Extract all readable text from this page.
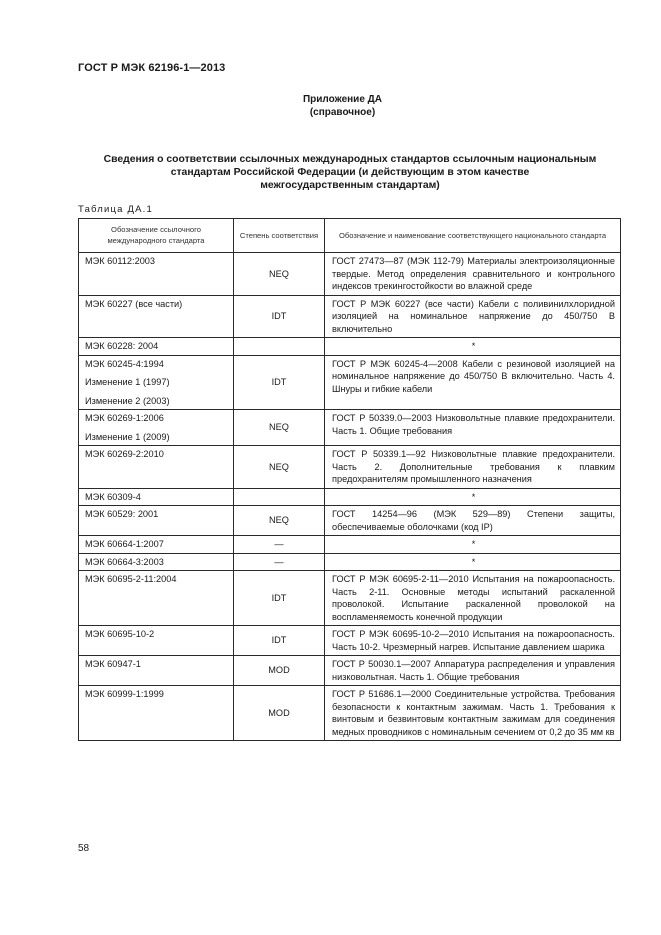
ГОСТ Р МЭК 62196-1—2013
Приложение ДА
(справочное)
Сведения о соответствии ссылочных международных стандартов ссылочным национальным
стандартам Российской Федерации (и действующим в этом качестве
межгосударственным стандартам)
Таблица ДА.1
Обозначение ссылочного международного стандарта	Степень соответствия	Обозначение и наименование соответствующего национального стандарта

МЭК 60112:2003	NEQ	ГОСТ 27473—87 (МЭК 112-79) Материалы электроизоляционные твердые. Метод определения сравнительного и контрольного индексов трекингостойкости во влажной среде

МЭК 60227 (все части)	IDT	ГОСТ Р МЭК 60227 (все части) Кабели с поливинилхлоридной изоляцией на номинальное напряжение до 450/750 В включительно

МЭК 60228: 2004		*

МЭК 60245-4:1994
Изменение 1 (1997)
Изменение 2 (2003)	IDT	ГОСТ Р МЭК 60245-4—2008 Кабели с резиновой изоляцией на номинальное напряжение до 450/750 В включительно. Часть 4. Шнуры и гибкие кабели

МЭК 60269-1:2006
Изменение 1 (2009)	NEQ	ГОСТ Р 50339.0—2003 Низковольтные плавкие предохранители. Часть 1. Общие требования

МЭК 60269-2:2010	NEQ	ГОСТ Р 50339.1—92 Низковольтные плавкие предохранители. Часть 2. Дополнительные требования к плавким предохранителям промышленного назначения

МЭК 60309-4		*

МЭК 60529: 2001	NEQ	ГОСТ 14254—96 (МЭК 529—89) Степени защиты, обеспечиваемые оболочками (код IP)

МЭК 60664-1:2007	—	*

МЭК 60664-3:2003	—	*

МЭК 60695-2-11:2004	IDT	ГОСТ Р МЭК 60695-2-11—2010 Испытания на пожароопасность. Часть 2-11. Основные методы испытаний раскаленной проволокой. Испытание раскаленной проволокой на воспламеняемость конечной продукции

МЭК 60695-10-2	IDT	ГОСТ Р МЭК 60695-10-2—2010 Испытания на пожароопасность. Часть 10-2. Чрезмерный нагрев. Испытание давлением шарика

МЭК 60947-1	MOD	ГОСТ Р 50030.1—2007 Аппаратура распределения и управления низковольтная. Часть 1. Общие требования

МЭК 60999-1:1999	MOD	ГОСТ Р 51686.1—2000 Соединительные устройства. Требования безопасности к контактным зажимам. Часть 1. Требования к винтовым и безвинтовым контактным зажимам для соединения медных проводников с номинальным сечением от 0,2 до 35 мм кв
58
